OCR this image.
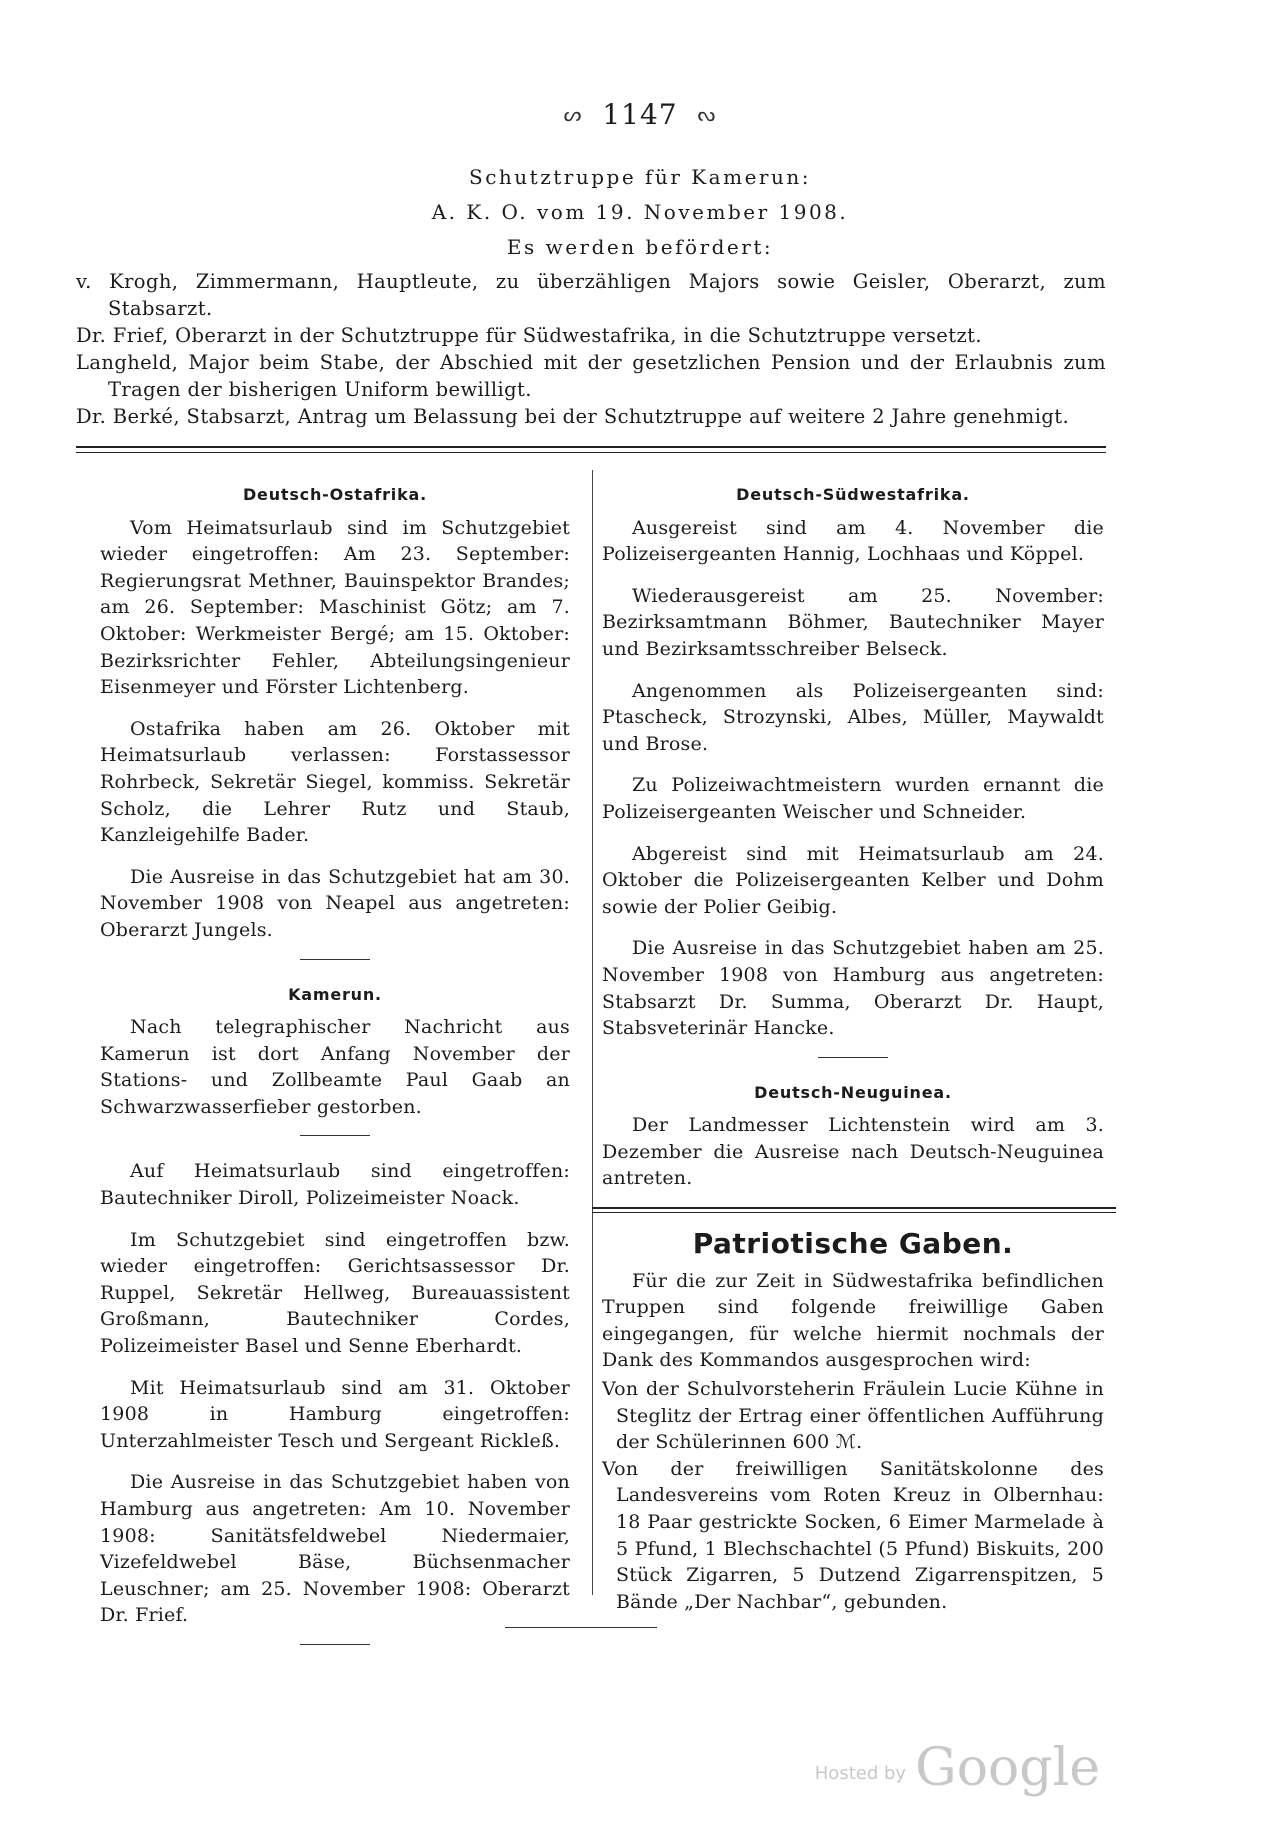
ᔕ 1147 ᔓ
Schutztruppe für Kamerun:
A. K. O. vom 19. November 1908.
Es werden befördert:

v. Krogh, Zimmermann, Hauptleute, zu überzähligen Majors sowie Geisler, Oberarzt, zum Stabsarzt.

Dr. Frief, Oberarzt in der Schutztruppe für Südwestafrika, in die Schutztruppe versetzt.

Langheld, Major beim Stabe, der Abschied mit der gesetzlichen Pension und der Erlaubnis zum Tragen der bisherigen Uniform bewilligt.

Dr. Berké, Stabsarzt, Antrag um Belassung bei der Schutztruppe auf weitere 2 Jahre genehmigt.

Deutsch-Ostafrika.

Vom Heimatsurlaub sind im Schutzgebiet wieder eingetroffen: Am 23. September: Regierungsrat Methner, Bauinspektor Brandes; am 26. September: Maschinist Götz; am 7. Oktober: Werkmeister Bergé; am 15. Oktober: Bezirksrichter Fehler, Abteilungsingenieur Eisenmeyer und Förster Lichtenberg.

Ostafrika haben am 26. Oktober mit Heimatsurlaub verlassen: Forstassessor Rohrbeck, Sekretär Siegel, kommiss. Sekretär Scholz, die Lehrer Rutz und Staub, Kanzleigehilfe Bader.

Die Ausreise in das Schutzgebiet hat am 30. November 1908 von Neapel aus angetreten: Oberarzt Jungels.

Kamerun.

Nach telegraphischer Nachricht aus Kamerun ist dort Anfang November der Stations- und Zollbeamte Paul Gaab an Schwarzwasserfieber gestorben.

Auf Heimatsurlaub sind eingetroffen: Bautechniker Diroll, Polizeimeister Noack.

Im Schutzgebiet sind eingetroffen bzw. wieder eingetroffen: Gerichtsassessor Dr. Ruppel, Sekretär Hellweg, Bureauassistent Großmann, Bautechniker Cordes, Polizeimeister Basel und Senne Eberhardt.

Mit Heimatsurlaub sind am 31. Oktober 1908 in Hamburg eingetroffen: Unterzahlmeister Tesch und Sergeant Rickleß.

Die Ausreise in das Schutzgebiet haben von Hamburg aus angetreten: Am 10. November 1908: Sanitätsfeldwebel Niedermaier, Vizefeldwebel Bäse, Büchsenmacher Leuschner; am 25. November 1908: Oberarzt Dr. Frief.

Deutsch-Südwestafrika.

Ausgereist sind am 4. November die Polizeisergeanten Hannig, Lochhaas und Köppel.

Wiederausgereist am 25. November: Bezirksamtmann Böhmer, Bautechniker Mayer und Bezirksamtsschreiber Belseck.

Angenommen als Polizeisergeanten sind: Ptascheck, Strozynski, Albes, Müller, Maywaldt und Brose.

Zu Polizeiwachtmeistern wurden ernannt die Polizeisergeanten Weischer und Schneider.

Abgereist sind mit Heimatsurlaub am 24. Oktober die Polizeisergeanten Kelber und Dohm sowie der Polier Geibig.

Die Ausreise in das Schutzgebiet haben am 25. November 1908 von Hamburg aus angetreten: Stabsarzt Dr. Summa, Oberarzt Dr. Haupt, Stabsveterinär Hancke.

Deutsch-Neuguinea.

Der Landmesser Lichtenstein wird am 3. Dezember die Ausreise nach Deutsch-Neuguinea antreten.

Patriotische Gaben.

Für die zur Zeit in Südwestafrika befindlichen Truppen sind folgende freiwillige Gaben eingegangen, für welche hiermit nochmals der Dank des Kommandos ausgesprochen wird:

Von der Schulvorsteherin Fräulein Lucie Kühne in Steglitz der Ertrag einer öffentlichen Aufführung der Schülerinnen 600 ℳ.

Von der freiwilligen Sanitätskolonne des Landesvereins vom Roten Kreuz in Olbernhau: 18 Paar gestrickte Socken, 6 Eimer Marmelade à 5 Pfund, 1 Blechschachtel (5 Pfund) Biskuits, 200 Stück Zigarren, 5 Dutzend Zigarrenspitzen, 5 Bände „Der Nachbar“, gebunden.

Hosted by Google
